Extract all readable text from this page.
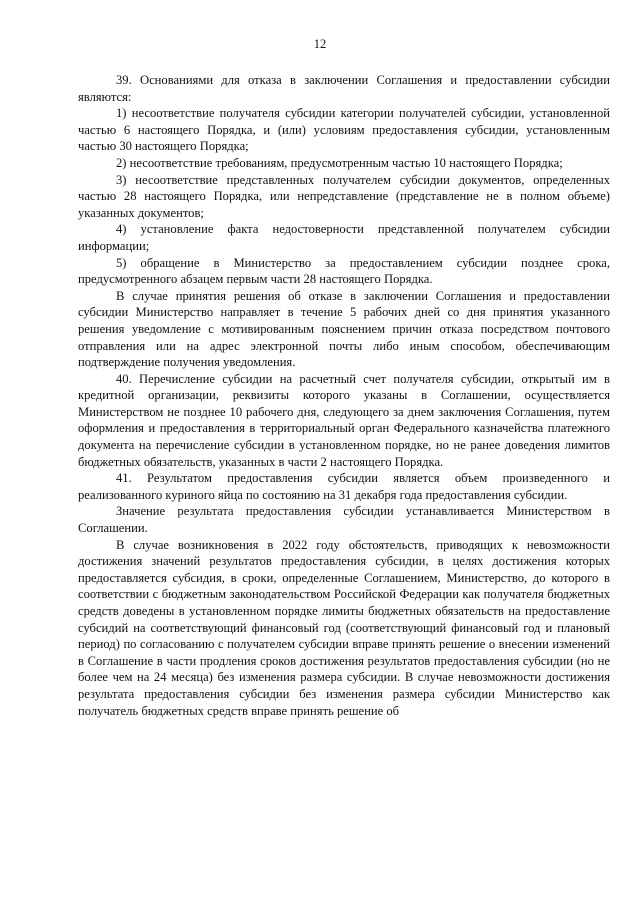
12

39. Основаниями для отказа в заключении Соглашения и предоставлении субсидии являются:

1) несоответствие получателя субсидии категории получателей субсидии, установленной частью 6 настоящего Порядка, и (или) условиям предоставления субсидии, установленным частью 30 настоящего Порядка;

2) несоответствие требованиям, предусмотренным частью 10 настоящего Порядка;

3) несоответствие представленных получателем субсидии документов, определенных частью 28 настоящего Порядка, или непредставление (представление не в полном объеме) указанных документов;

4) установление факта недостоверности представленной получателем субсидии информации;

5) обращение в Министерство за предоставлением субсидии позднее срока, предусмотренного абзацем первым части 28 настоящего Порядка.

В случае принятия решения об отказе в заключении Соглашения и предоставлении субсидии Министерство направляет в течение 5 рабочих дней со дня принятия указанного решения уведомление с мотивированным пояснением причин отказа посредством почтового отправления или на адрес электронной почты либо иным способом, обеспечивающим подтверждение получения уведомления.

40. Перечисление субсидии на расчетный счет получателя субсидии, открытый им в кредитной организации, реквизиты которого указаны в Соглашении, осуществляется Министерством не позднее 10 рабочего дня, следующего за днем заключения Соглашения, путем оформления и предоставления в территориальный орган Федерального казначейства платежного документа на перечисление субсидии в установленном порядке, но не ранее доведения лимитов бюджетных обязательств, указанных в части 2 настоящего Порядка.

41. Результатом предоставления субсидии является объем произведенного и реализованного куриного яйца по состоянию на 31 декабря года предоставления субсидии.

Значение результата предоставления субсидии устанавливается Министерством в Соглашении.

В случае возникновения в 2022 году обстоятельств, приводящих к невозможности достижения значений результатов предоставления субсидии, в целях достижения которых предоставляется субсидия, в сроки, определенные Соглашением, Министерство, до которого в соответствии с бюджетным законодательством Российской Федерации как получателя бюджетных средств доведены в установленном порядке лимиты бюджетных обязательств на предоставление субсидий на соответствующий финансовый год (соответствующий финансовый год и плановый период) по согласованию с получателем субсидии вправе принять решение о внесении изменений в Соглашение в части продления сроков достижения результатов предоставления субсидии (но не более чем на 24 месяца) без изменения размера субсидии. В случае невозможности достижения результата предоставления субсидии без изменения размера субсидии Министерство как получатель бюджетных средств вправе принять решение об
